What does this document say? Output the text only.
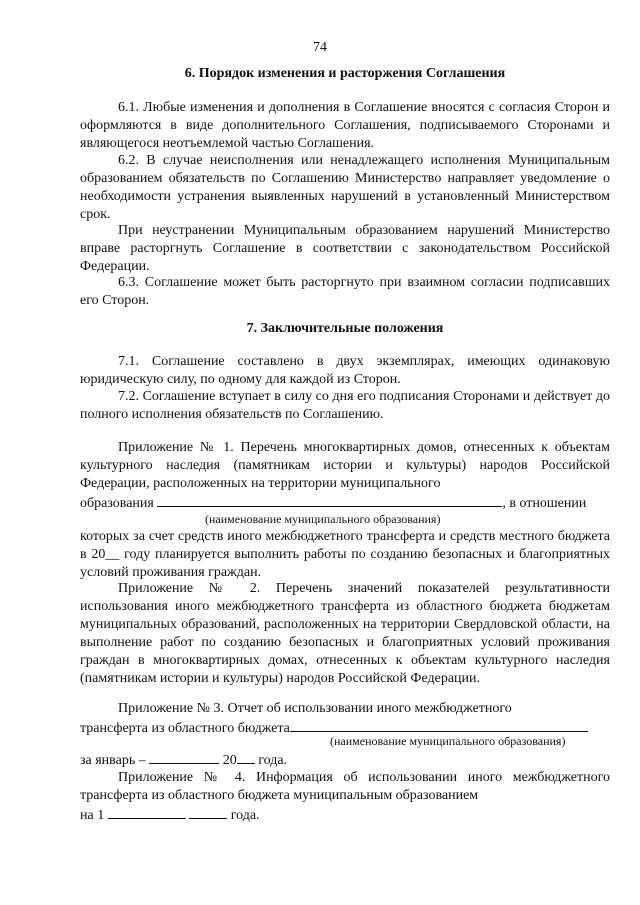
74
6. Порядок изменения и расторжения Соглашения
6.1. Любые изменения и дополнения в Соглашение вносятся с согласия Сторон и оформляются в виде дополнительного Соглашения, подписываемого Сторонами и являющегося неотъемлемой частью Соглашения.
6.2. В случае неисполнения или ненадлежащего исполнения Муниципальным образованием обязательств по Соглашению Министерство направляет уведомление о необходимости устранения выявленных нарушений в установленный Министерством срок.
При неустранении Муниципальным образованием нарушений Министерство вправе расторгнуть Соглашение в соответствии с законодательством Российской Федерации.
6.3. Соглашение может быть расторгнуто при взаимном согласии подписавших его Сторон.
7. Заключительные положения
7.1. Соглашение составлено в двух экземплярах, имеющих одинаковую юридическую силу, по одному для каждой из Сторон.
7.2. Соглашение вступает в силу со дня его подписания Сторонами и действует до полного исполнения обязательств по Соглашению.
Приложение № 1. Перечень многоквартирных домов, отнесенных к объектам культурного наследия (памятникам истории и культуры) народов Российской Федерации, расположенных на территории муниципального
образования	, в отношении
(наименование муниципального образования)
которых за счет средств иного межбюджетного трансферта и средств местного бюджета в 20__ году планируется выполнить работы по созданию безопасных и благоприятных условий проживания граждан.
Приложение № 2. Перечень значений показателей результативности использования иного межбюджетного трансферта из областного бюджета бюджетам муниципальных образований, расположенных на территории Свердловской области, на выполнение работ по созданию безопасных и благоприятных условий проживания граждан в многоквартирных домах, отнесенных к объектам культурного наследия (памятникам истории и культуры) народов Российской Федерации.
Приложение № 3. Отчет об использовании иного межбюджетного
трансферта из областного бюджета
(наименование муниципального образования)
за январь –	20 года.
Приложение № 4. Информация об использовании иного межбюджетного трансферта из областного бюджета муниципальным образованием
на 1	года.
